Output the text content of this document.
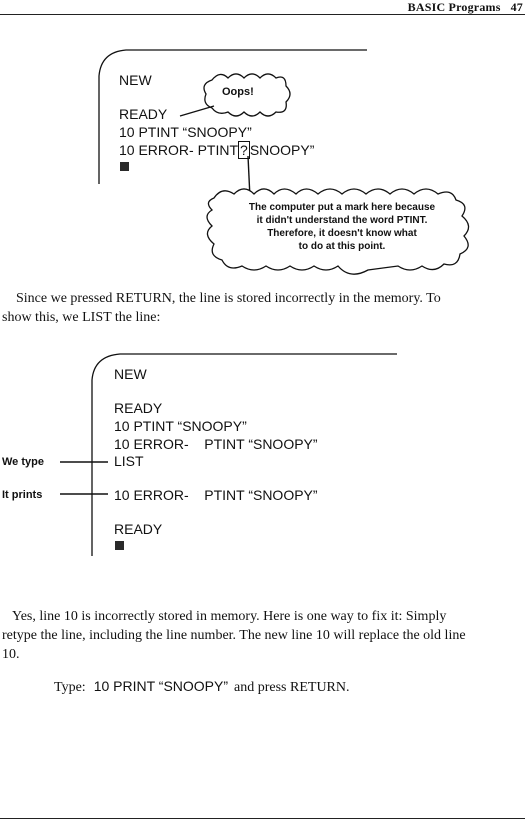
BASIC Programs 47
NEW
READY
10 PTINT “SNOOPY”
10 ERROR- PTINT ? SNOOPY”
Oops!
The computer put a mark here because
it didn't understand the word PTINT.
Therefore, it doesn't know what
to do at this point.
Since we pressed RETURN, the line is stored incorrectly in the memory. To
show this, we LIST the line:
NEW
READY
10 PTINT “SNOOPY”
10 ERROR-    PTINT “SNOOPY”
LIST
10 ERROR-    PTINT “SNOOPY”
READY
We type
It prints
Yes, line 10 is incorrectly stored in memory. Here is one way to fix it: Simply
retype the line, including the line number. The new line 10 will replace the old line
10.
Type: 10 PRINT “SNOOPY” and press RETURN.
